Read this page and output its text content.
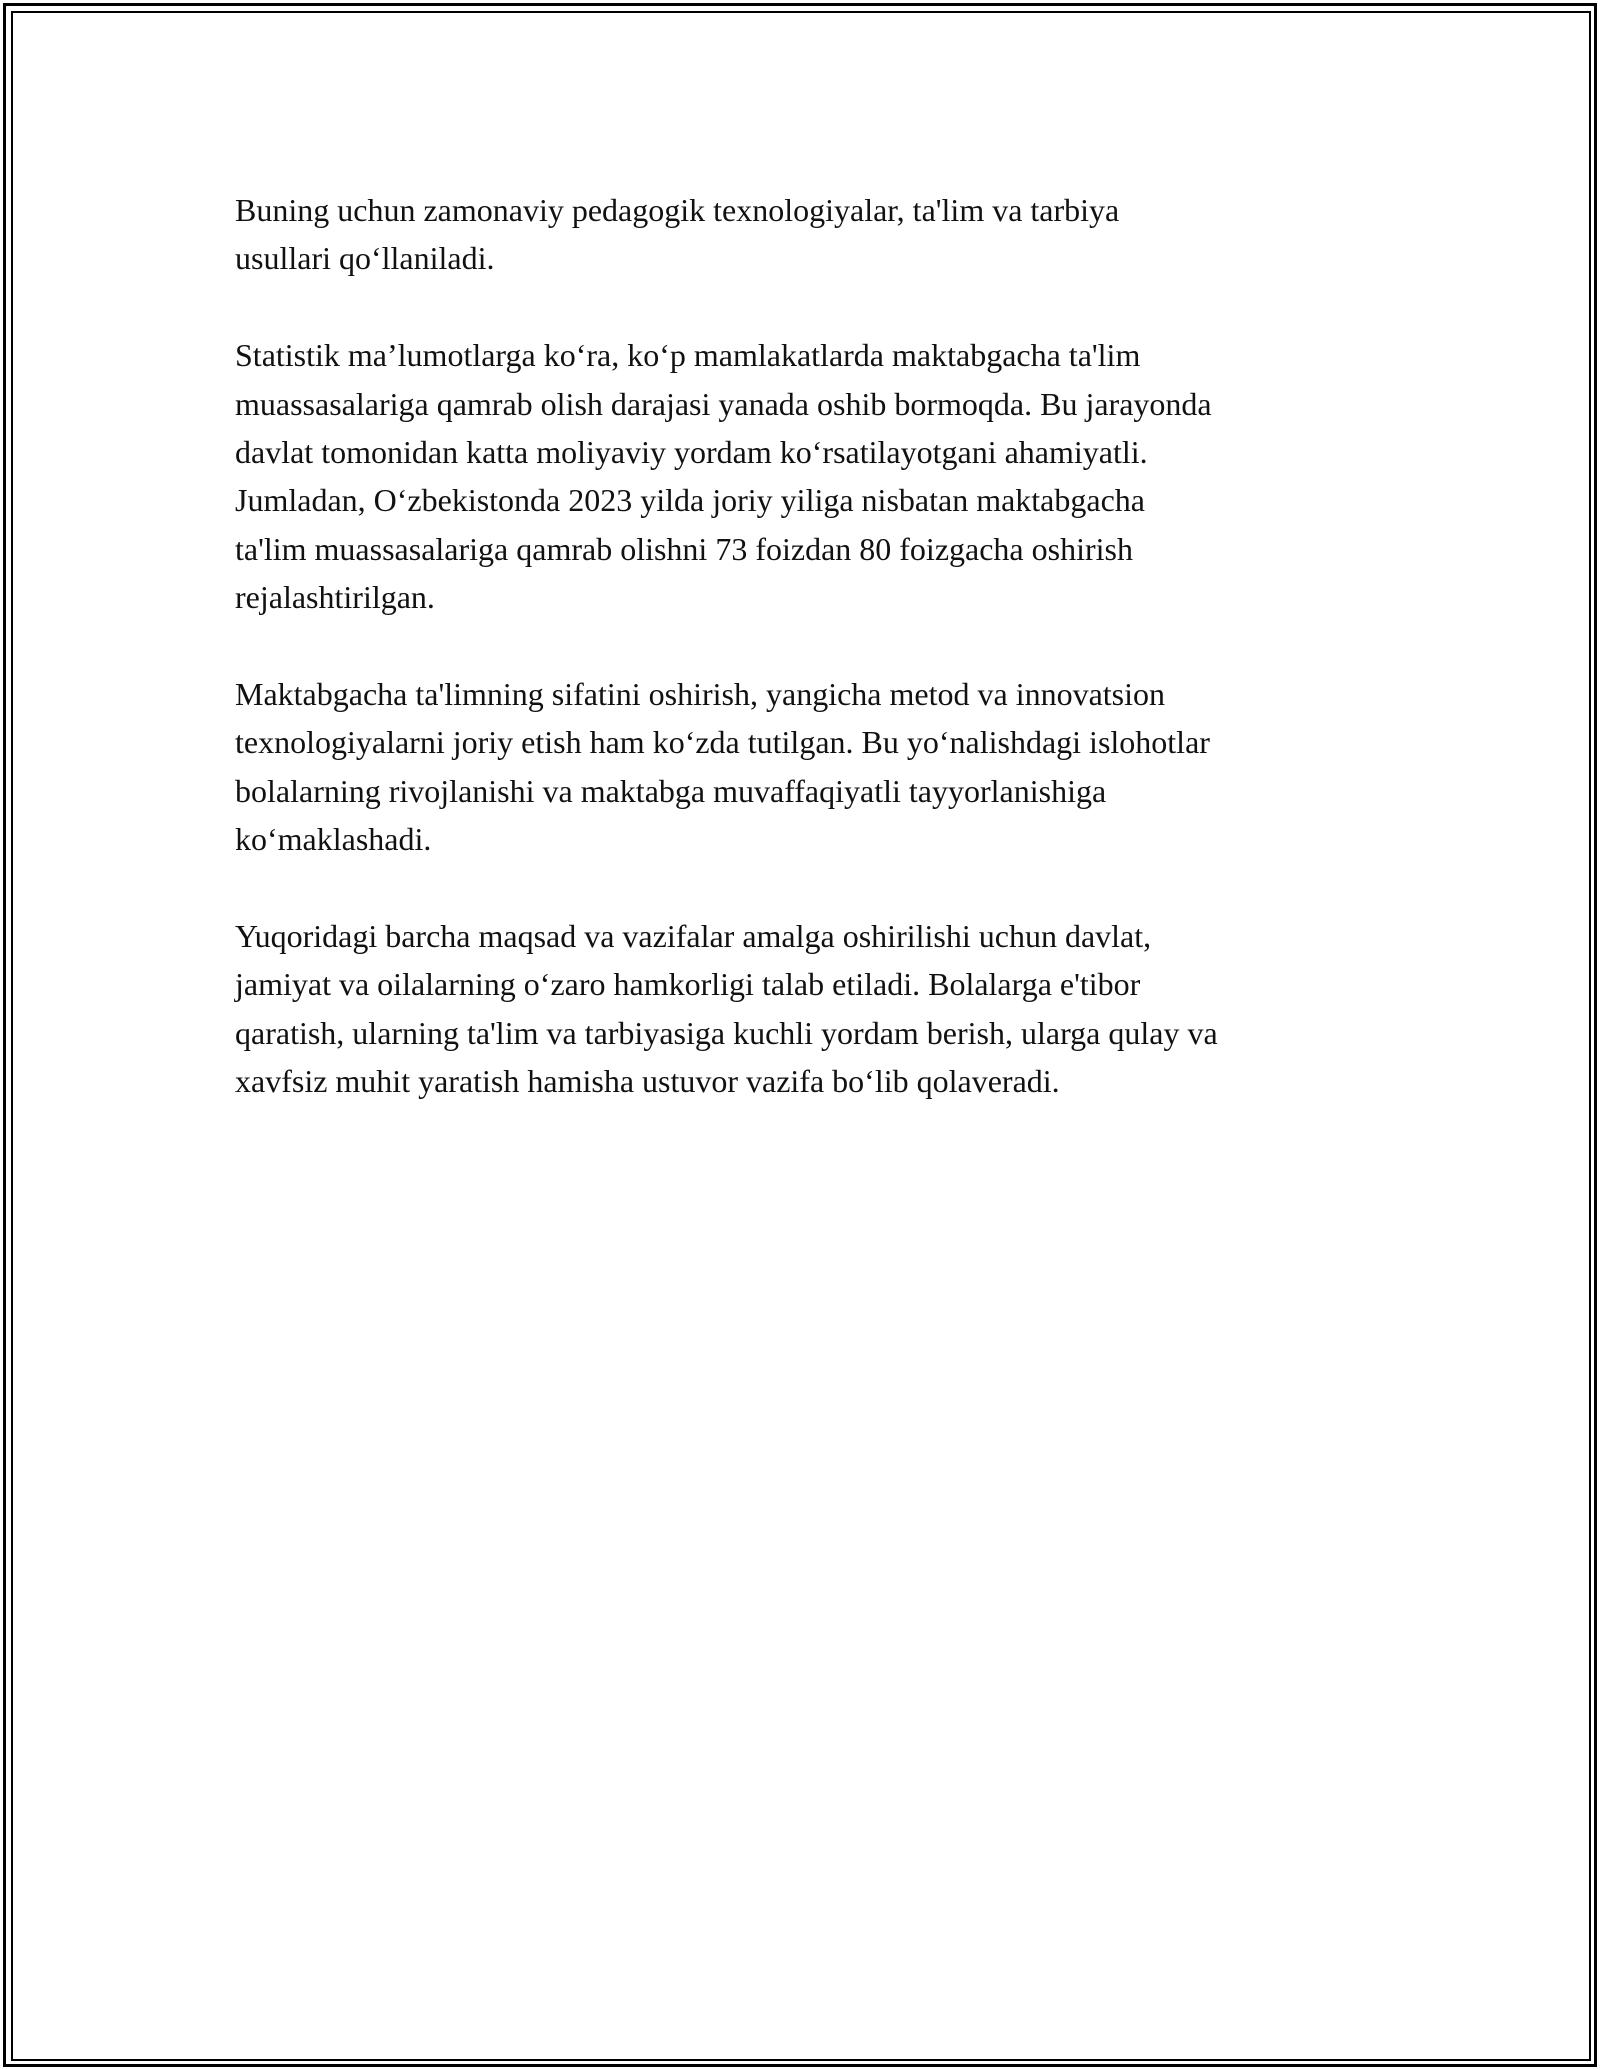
Buning uchun zamonaviy pedagogik texnologiyalar, ta'lim va tarbiya
usullari qo‘llaniladi.

Statistik ma’lumotlarga ko‘ra, ko‘p mamlakatlarda maktabgacha ta'lim
muassasalariga qamrab olish darajasi yanada oshib bormoqda. Bu jarayonda
davlat tomonidan katta moliyaviy yordam ko‘rsatilayotgani ahamiyatli.
Jumladan, O‘zbekistonda 2023 yilda joriy yiliga nisbatan maktabgacha
ta'lim muassasalariga qamrab olishni 73 foizdan 80 foizgacha oshirish
rejalashtirilgan.

Maktabgacha ta'limning sifatini oshirish, yangicha metod va innovatsion
texnologiyalarni joriy etish ham ko‘zda tutilgan. Bu yo‘nalishdagi islohotlar
bolalarning rivojlanishi va maktabga muvaffaqiyatli tayyorlanishiga
ko‘maklashadi.

Yuqoridagi barcha maqsad va vazifalar amalga oshirilishi uchun davlat,
jamiyat va oilalarning o‘zaro hamkorligi talab etiladi. Bolalarga e'tibor
qaratish, ularning ta'lim va tarbiyasiga kuchli yordam berish, ularga qulay va
xavfsiz muhit yaratish hamisha ustuvor vazifa bo‘lib qolaveradi.
